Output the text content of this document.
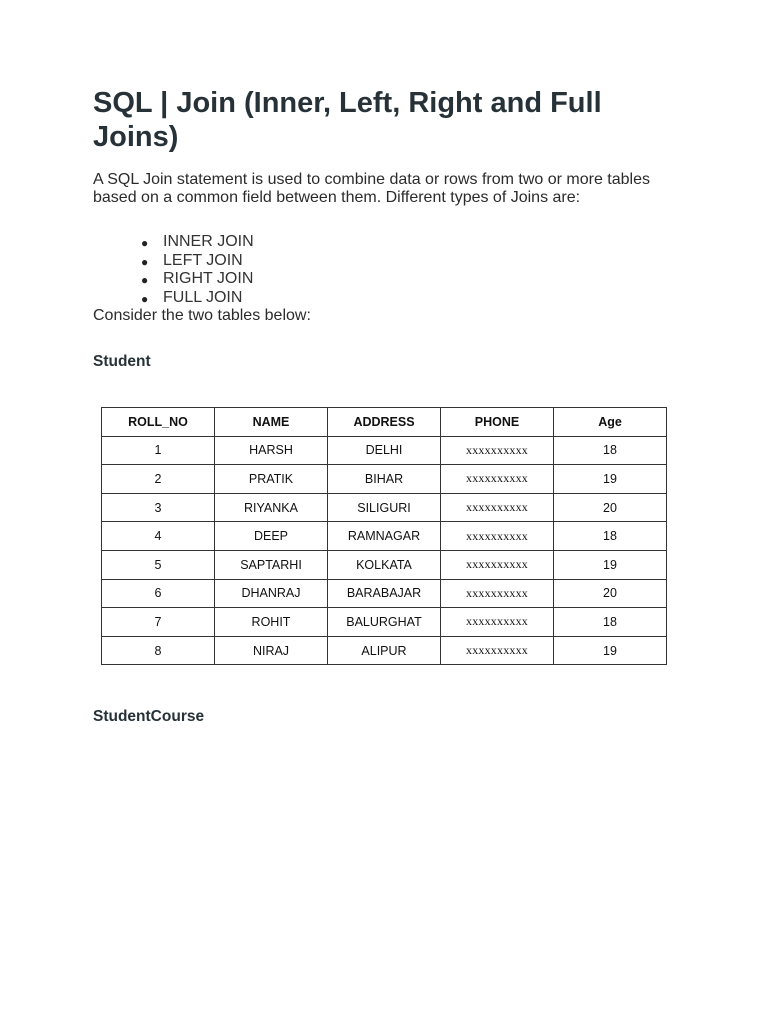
SQL | Join (Inner, Left, Right and Full Joins)

A SQL Join statement is used to combine data or rows from two or more tables based on a common field between them. Different types of Joins are:

● INNER JOIN
● LEFT JOIN
● RIGHT JOIN
● FULL JOIN

Consider the two tables below:

Student
ROLL_NO	NAME	ADDRESS	PHONE	Age
1	HARSH	DELHI	xxxxxxxxxx	18
2	PRATIK	BIHAR	xxxxxxxxxx	19
3	RIYANKA	SILIGURI	xxxxxxxxxx	20
4	DEEP	RAMNAGAR	xxxxxxxxxx	18
5	SAPTARHI	KOLKATA	xxxxxxxxxx	19
6	DHANRAJ	BARABAJAR	xxxxxxxxxx	20
7	ROHIT	BALURGHAT	xxxxxxxxxx	18
8	NIRAJ	ALIPUR	xxxxxxxxxx	19
StudentCourse
